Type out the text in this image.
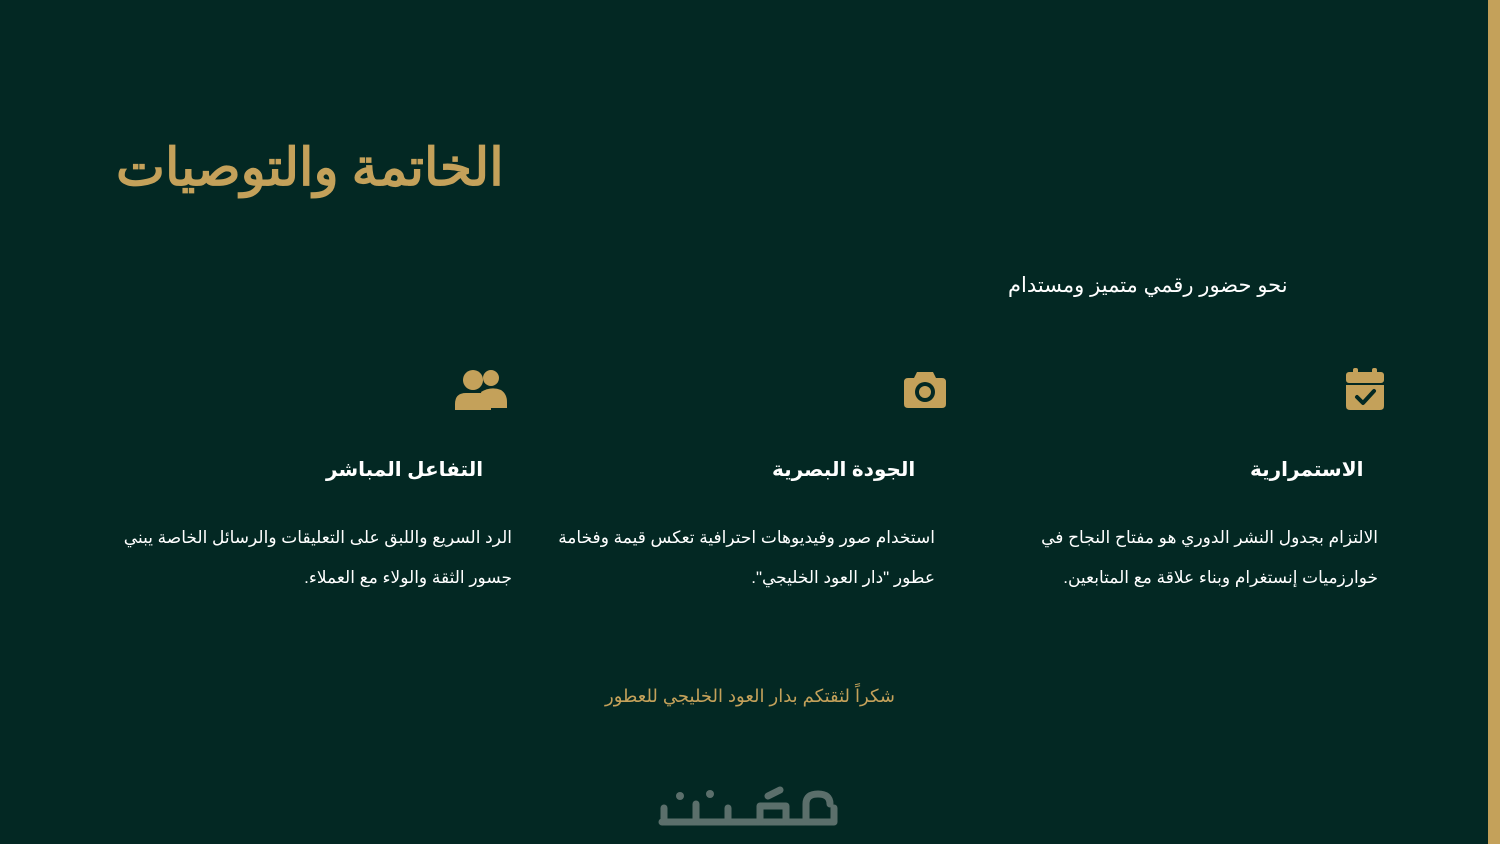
الخاتمة والتوصيات
نحو حضور رقمي متميز ومستدام
الاستمرارية
الالتزام بجدول النشر الدوري هو مفتاح النجاح في خوارزميات إنستغرام وبناء علاقة مع المتابعين.
الجودة البصرية
استخدام صور وفيديوهات احترافية تعكس قيمة وفخامة عطور "دار العود الخليجي".
التفاعل المباشر
الرد السريع واللبق على التعليقات والرسائل الخاصة يبني جسور الثقة والولاء مع العملاء.
شكراً لثقتكم بدار العود الخليجي للعطور
